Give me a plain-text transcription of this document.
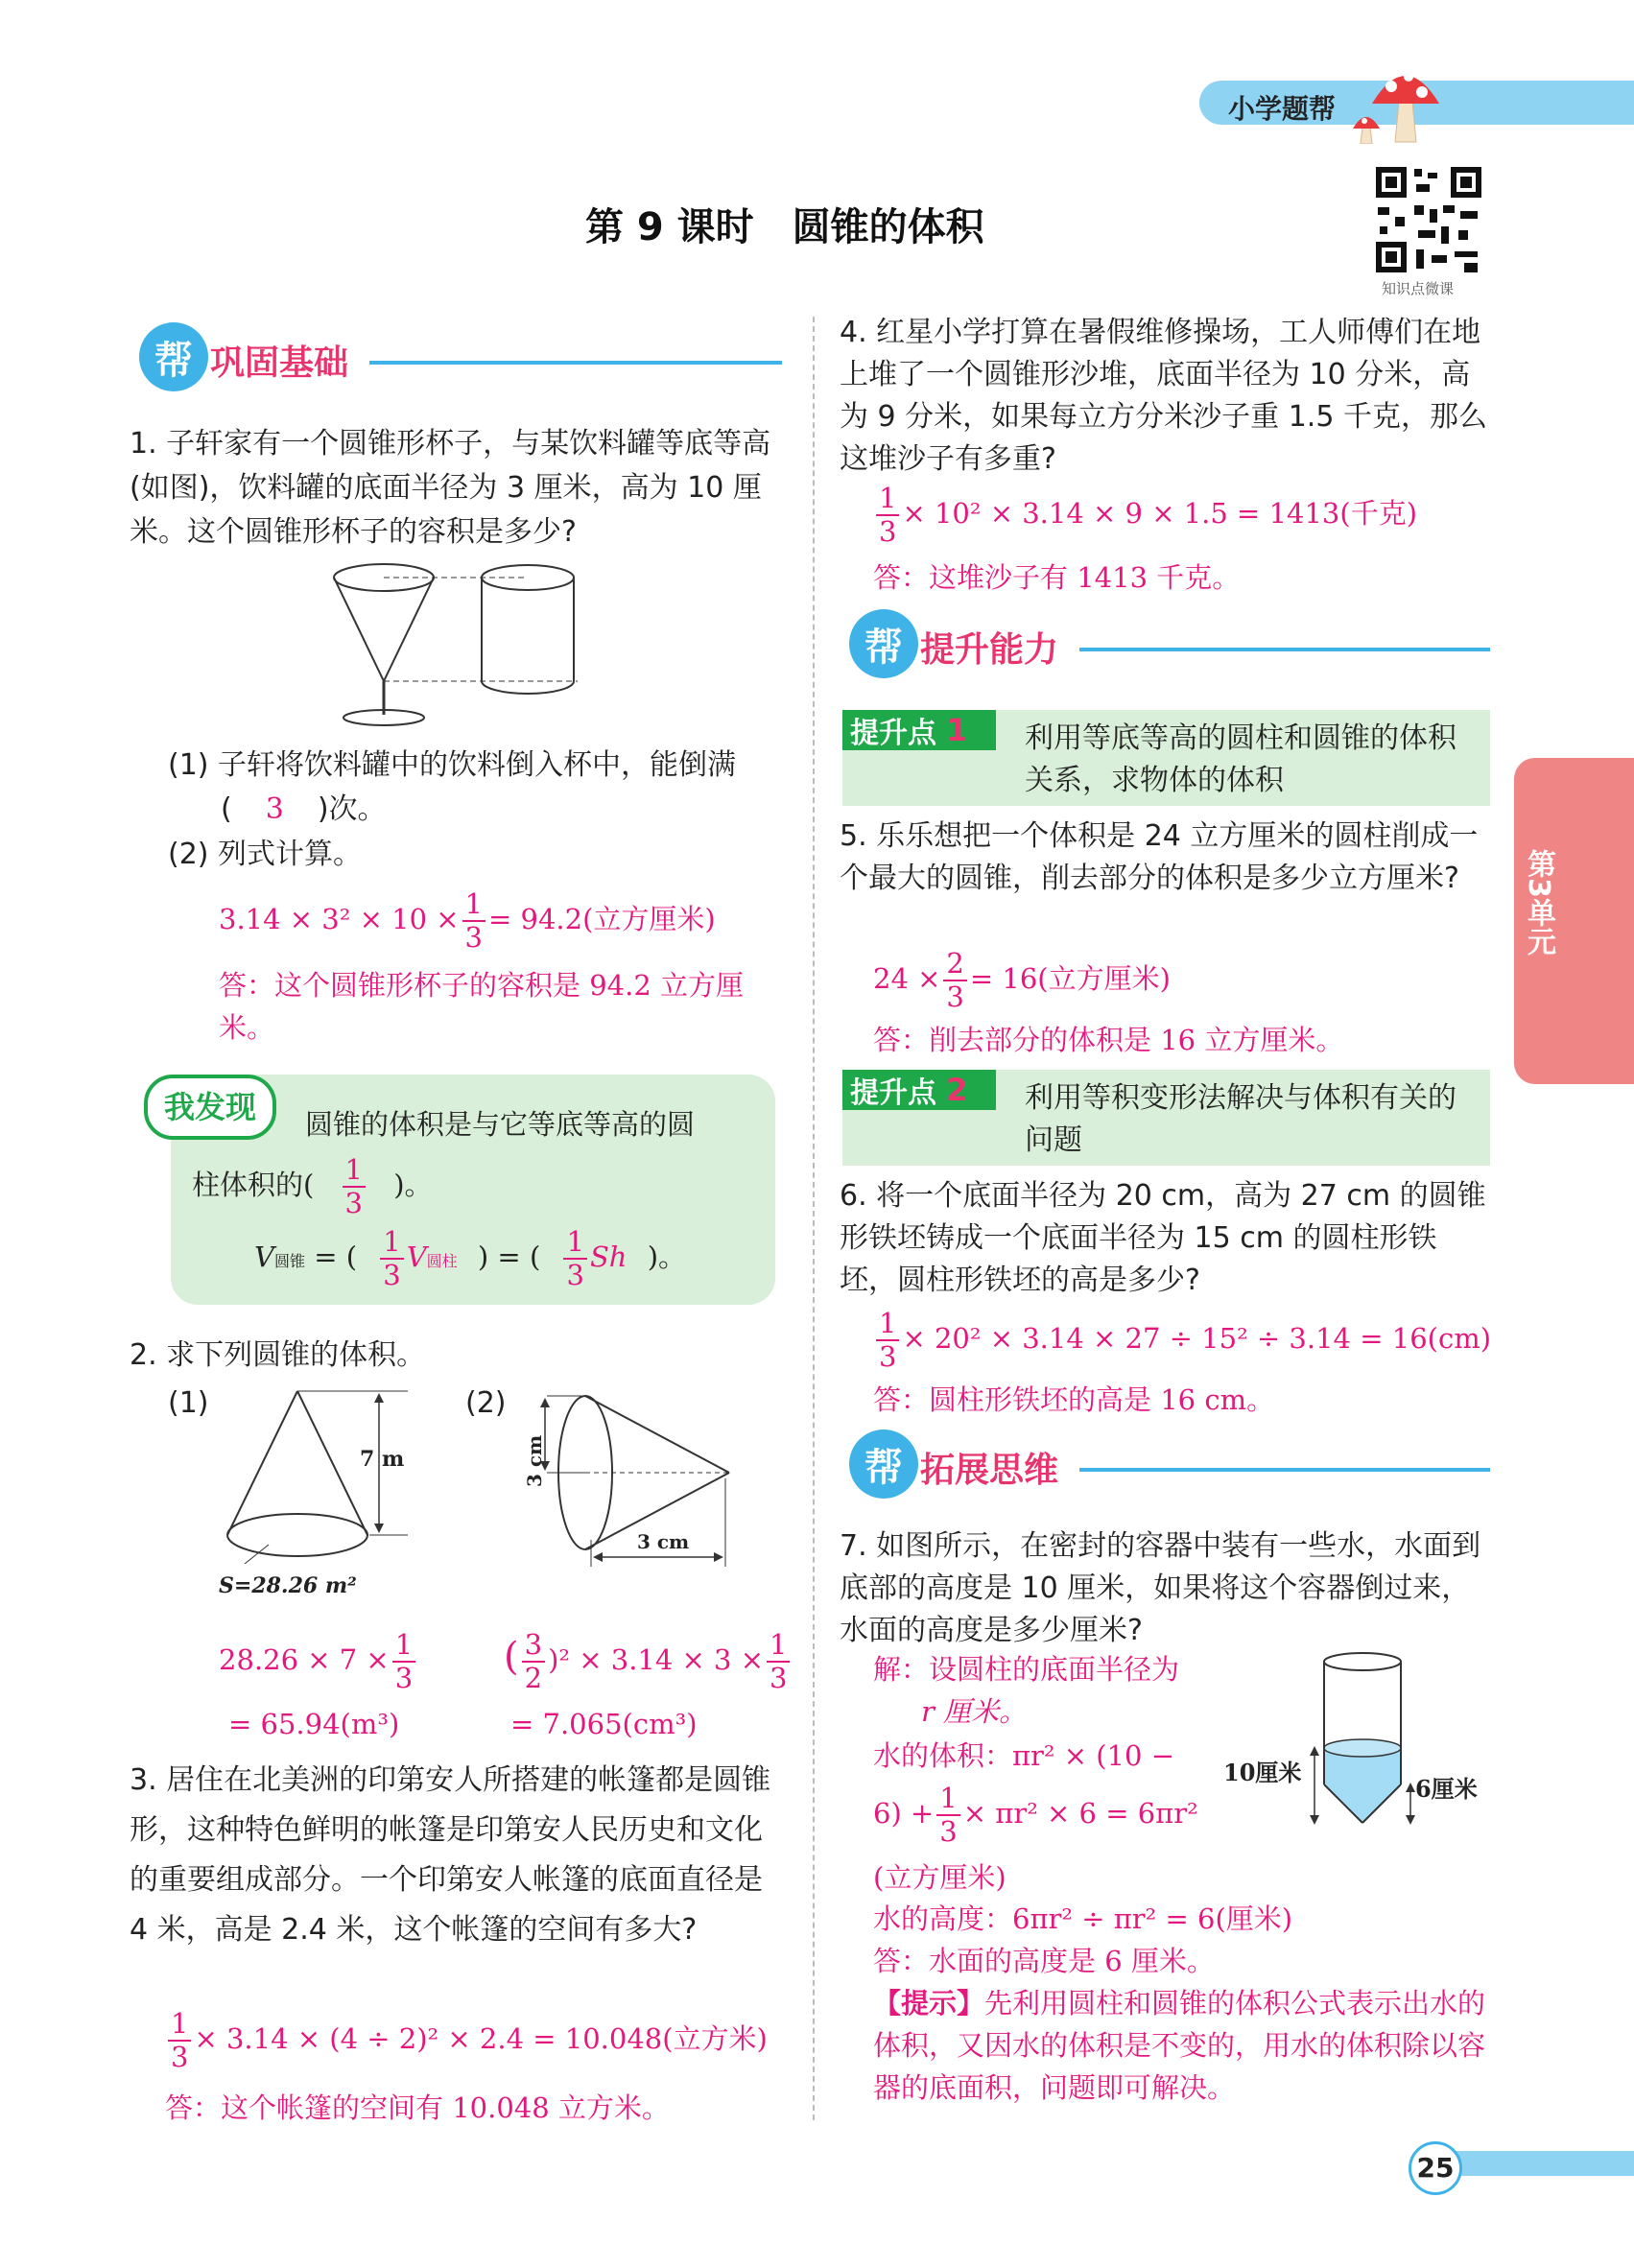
小学题帮
知识点微课
第 9 课时　圆锥的体积
第3单元
帮 巩固基础
1. 子轩家有一个圆锥形杯子，与某饮料罐等底等高(如图)，饮料罐的底面半径为 3 厘米，高为 10 厘米。这个圆锥形杯子的容积是多少?
(1) 子轩将饮料罐中的饮料倒入杯中，能倒满
( 3 )次。
(2) 列式计算。
$3.14 \times 3^2 \times 10 \times \frac{1}{3} = 94.2$(立方厘米)
答：这个圆锥形杯子的容积是 94.2 立方厘米。
我发现	圆锥的体积是与它等底等高的圆
柱体积的( $\frac{1}{3}$ )。
V圆锥 = ( $\frac{1}{3}$ V圆柱 ) = ( $\frac{1}{3}$ Sh )。
2. 求下列圆锥的体积。
(1)	(2)
7 m
S=28.26 m²
3 cm
3 cm
$28.26 \times 7 \times \frac{1}{3}$
= 65.94(m³)
( $\frac{3}{2} )^2 \times 3.14 \times 3 \times \frac{1}{3}$
= 7.065(cm³)
3. 居住在北美洲的印第安人所搭建的帐篷都是圆锥形，这种特色鲜明的帐篷是印第安人民历史和文化的重要组成部分。一个印第安人帐篷的底面直径是 4 米，高是 2.4 米，这个帐篷的空间有多大?
$\frac{1}{3} \times 3.14 \times (4 \div 2)^2 \times 2.4 = 10.048$(立方米)
答：这个帐篷的空间有 10.048 立方米。
4. 红星小学打算在暑假维修操场，工人师傅们在地上堆了一个圆锥形沙堆，底面半径为 10 分米，高为 9 分米，如果每立方分米沙子重 1.5 千克，那么这堆沙子有多重?
$\frac{1}{3} \times 10^2 \times 3.14 \times 9 \times 1.5 = 1413$(千克)
答：这堆沙子有 1413 千克。
帮 提升能力
提升点 1 利用等底等高的圆柱和圆锥的体积关系，求物体的体积
5. 乐乐想把一个体积是 24 立方厘米的圆柱削成一个最大的圆锥，削去部分的体积是多少立方厘米?
$24 \times \frac{2}{3} = 16$(立方厘米)
答：削去部分的体积是 16 立方厘米。
提升点 2 利用等积变形法解决与体积有关的问题
6. 将一个底面半径为 20 cm，高为 27 cm 的圆锥形铁坯铸成一个底面半径为 15 cm 的圆柱形铁坯，圆柱形铁坯的高是多少?
$\frac{1}{3} \times 20^2 \times 3.14 \times 27 \div 15^2 \div 3.14 = 16(cm)$
答：圆柱形铁坯的高是 16 cm。
帮 拓展思维
7. 如图所示，在密封的容器中装有一些水，水面到底部的高度是 10 厘米，如果将这个容器倒过来，水面的高度是多少厘米?
解：设圆柱的底面半径为
r 厘米。
水的体积：πr² × (10 −
$6) + \frac{1}{3} \times \pi r^2 \times 6 = 6\pi r^2$
(立方厘米)
水的高度：6πr² ÷ πr² = 6(厘米)
答：水面的高度是 6 厘米。
【提示】先利用圆柱和圆锥的体积公式表示出水的体积，又因水的体积是不变的，用水的体积除以容器的底面积，问题即可解决。
10厘米
6厘米
25
